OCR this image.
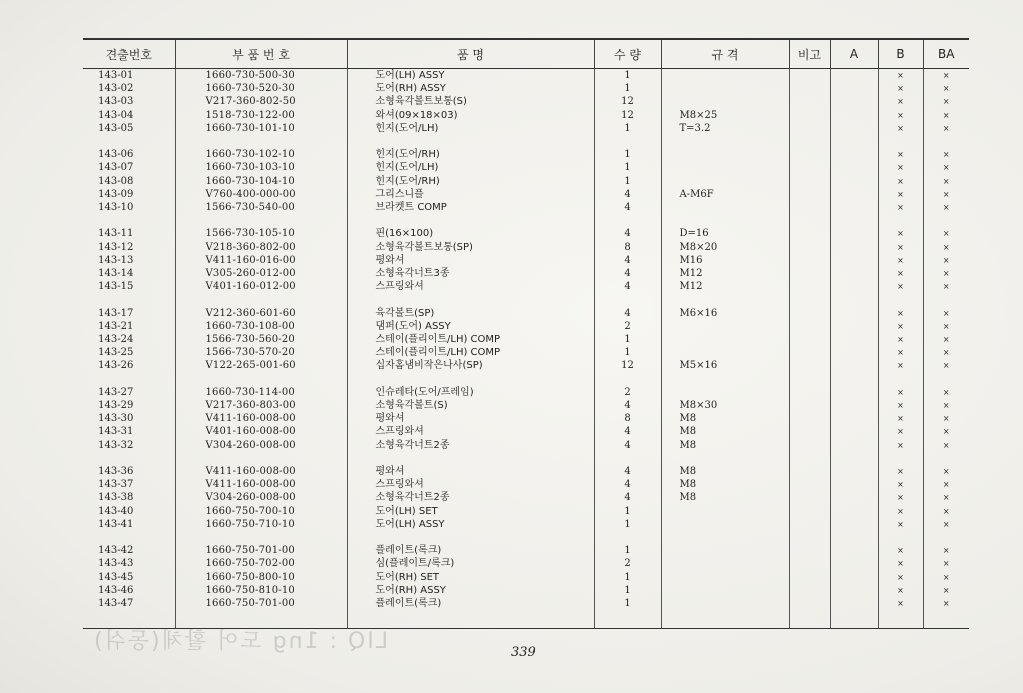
LIQ : 1ng 도어 활체(동쉬)
견출번호	부 품 번 호	품 명	수 량	규 격	비고	A	B	BA
143-01	1660-730-500-30	도어(LH) ASSY	1				×	×
143-02	1660-730-520-30	도어(RH) ASSY	1				×	×
143-03	V217-360-802-50	소형육각볼트보통(S)	12				×	×
143-04	1518-730-122-00	와셔(09×18×03)	12	M8×25			×	×
143-05	1660-730-101-10	힌지(도어/LH)	1	T=3.2			×	×

143-06	1660-730-102-10	힌지(도어/RH)	1				×	×
143-07	1660-730-103-10	힌지(도어/LH)	1				×	×
143-08	1660-730-104-10	힌지(도어/RH)	1				×	×
143-09	V760-400-000-00	그리스니플	4	A-M6F			×	×
143-10	1566-730-540-00	브라켓트 COMP	4				×	×

143-11	1566-730-105-10	핀(16×100)	4	D=16			×	×
143-12	V218-360-802-00	소형육각볼트보통(SP)	8	M8×20			×	×
143-13	V411-160-016-00	평와셔	4	M16			×	×
143-14	V305-260-012-00	소형육각너트3종	4	M12			×	×
143-15	V401-160-012-00	스프링와셔	4	M12			×	×

143-17	V212-360-601-60	육각볼트(SP)	4	M6×16			×	×
143-21	1660-730-108-00	댐퍼(도어) ASSY	2				×	×
143-24	1566-730-560-20	스테이(플리이트/LH) COMP	1				×	×
143-25	1566-730-570-20	스테이(플리이트/LH) COMP	1				×	×
143-26	V122-265-001-60	십자홈냄비작은나사(SP)	12	M5×16			×	×

143-27	1660-730-114-00	인슈레타(도어/프레임)	2				×	×
143-29	V217-360-803-00	소형육각볼트(S)	4	M8×30			×	×
143-30	V411-160-008-00	평와셔	8	M8			×	×
143-31	V401-160-008-00	스프링와셔	4	M8			×	×
143-32	V304-260-008-00	소형육각너트2종	4	M8			×	×

143-36	V411-160-008-00	평와셔	4	M8			×	×
143-37	V411-160-008-00	스프링와셔	4	M8			×	×
143-38	V304-260-008-00	소형육각너트2종	4	M8			×	×
143-40	1660-750-700-10	도어(LH) SET	1				×	×
143-41	1660-750-710-10	도어(LH) ASSY	1				×	×

143-42	1660-750-701-00	플레이트(록크)	1				×	×
143-43	1660-750-702-00	심(플레이트/록크)	2				×	×
143-45	1660-750-800-10	도어(RH) SET	1				×	×
143-46	1660-750-810-10	도어(RH) ASSY	1				×	×
143-47	1660-750-701-00	플레이트(록크)	1				×	×

339
